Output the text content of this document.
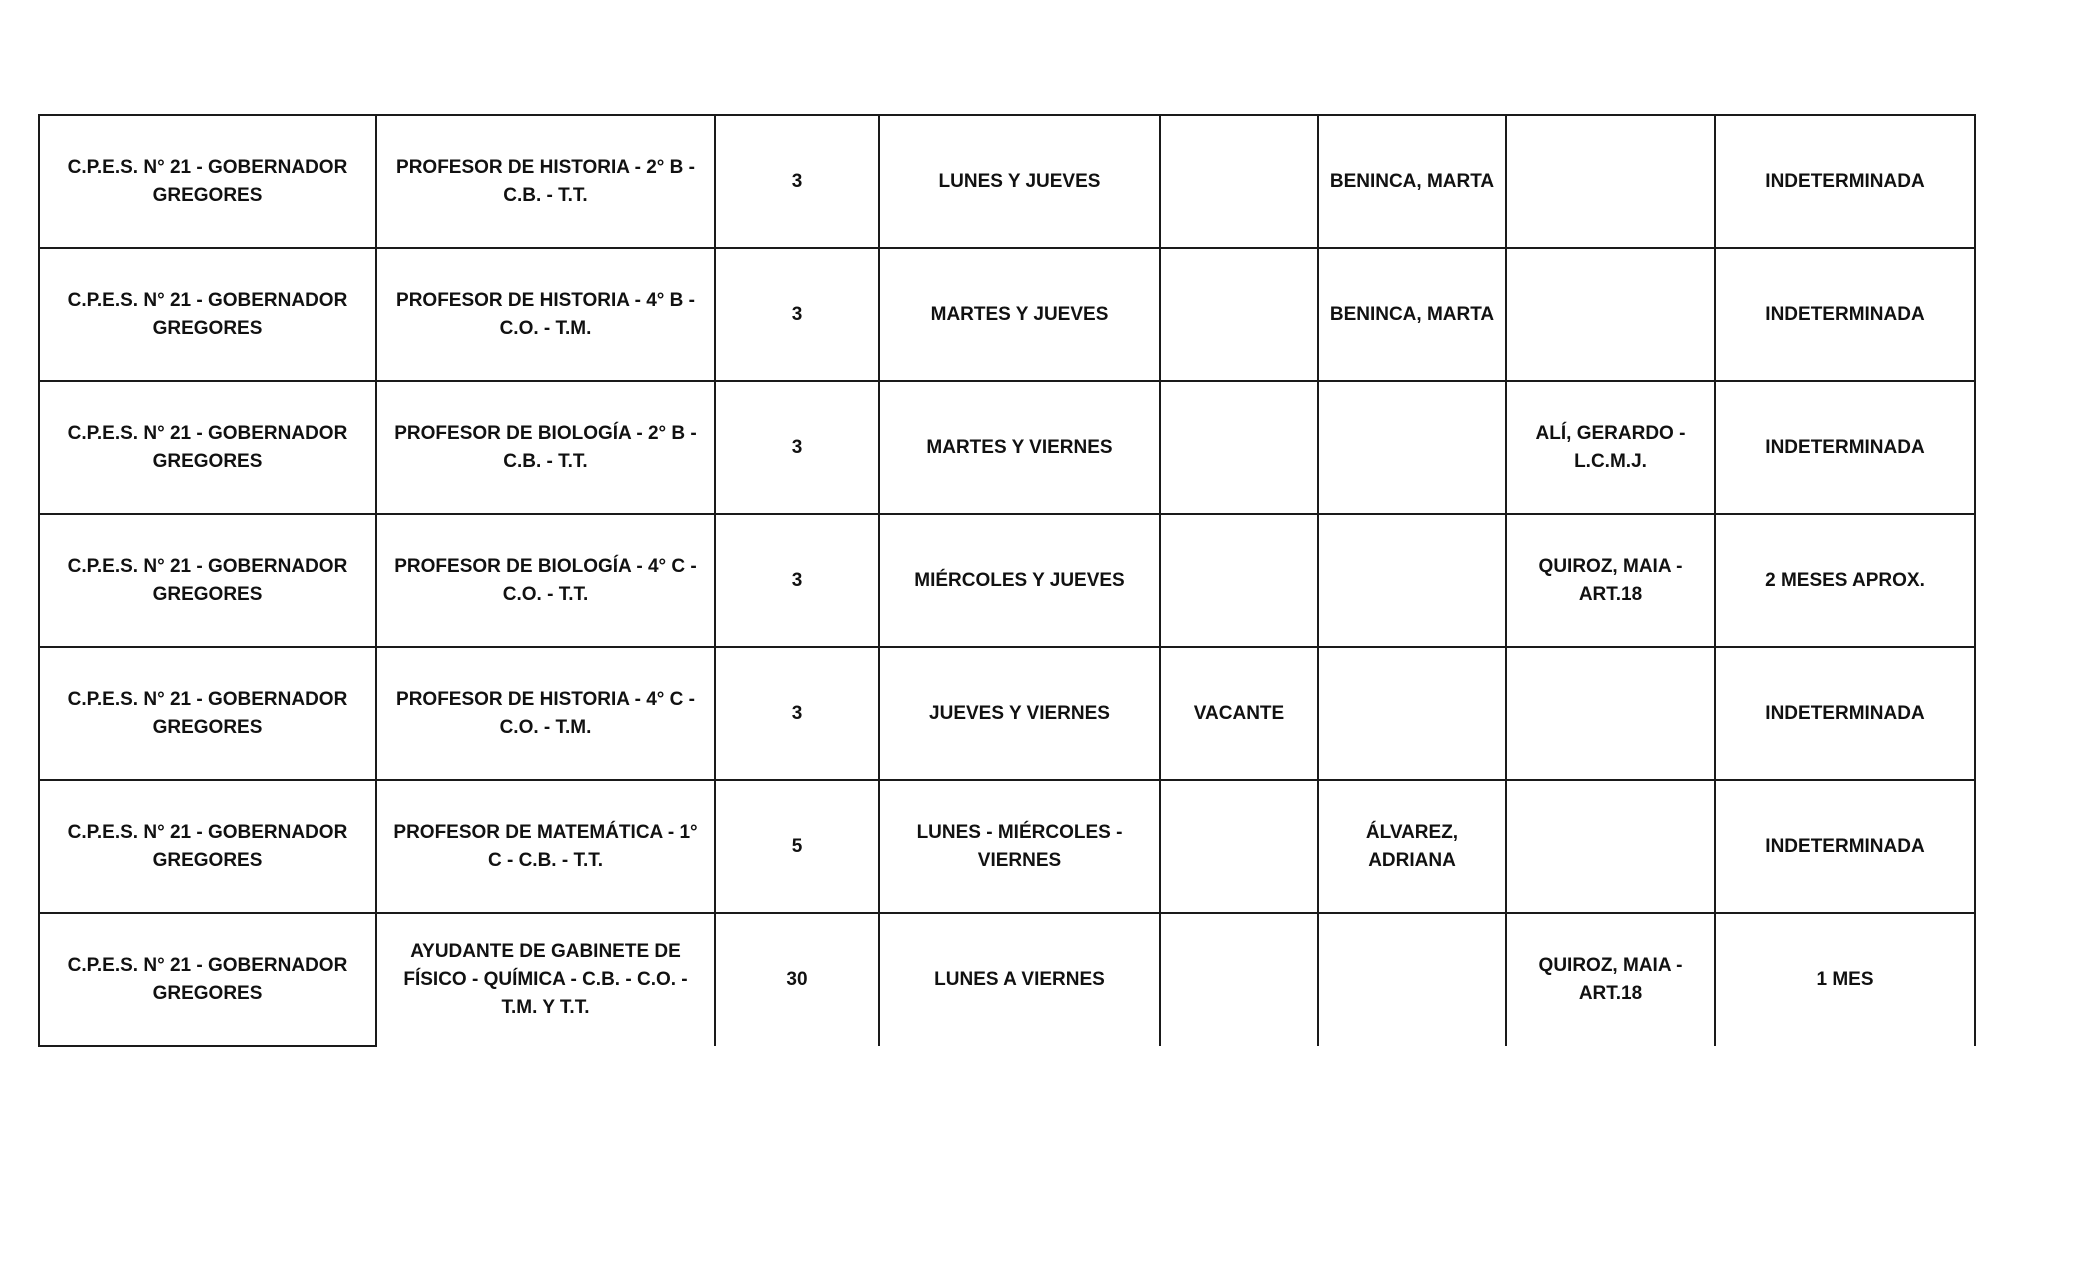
C.P.E.S. N° 21 - GOBERNADOR GREGORES	PROFESOR DE HISTORIA - 2° B - C.B. - T.T.	3	LUNES Y JUEVES		BENINCA, MARTA		INDETERMINADA
C.P.E.S. N° 21 - GOBERNADOR GREGORES	PROFESOR DE HISTORIA - 4° B - C.O. - T.M.	3	MARTES Y JUEVES		BENINCA, MARTA		INDETERMINADA
C.P.E.S. N° 21 - GOBERNADOR GREGORES	PROFESOR DE BIOLOGÍA - 2° B - C.B. - T.T.	3	MARTES Y VIERNES			ALÍ, GERARDO - L.C.M.J.	INDETERMINADA
C.P.E.S. N° 21 - GOBERNADOR GREGORES	PROFESOR DE BIOLOGÍA - 4° C - C.O. - T.T.	3	MIÉRCOLES Y JUEVES			QUIROZ, MAIA - ART.18	2 MESES APROX.
C.P.E.S. N° 21 - GOBERNADOR GREGORES	PROFESOR DE HISTORIA - 4° C - C.O. - T.M.	3	JUEVES Y VIERNES	VACANTE			INDETERMINADA
C.P.E.S. N° 21 - GOBERNADOR GREGORES	PROFESOR DE MATEMÁTICA - 1° C - C.B. - T.T.	5	LUNES - MIÉRCOLES - VIERNES		ÁLVAREZ, ADRIANA		INDETERMINADA
C.P.E.S. N° 21 - GOBERNADOR GREGORES	AYUDANTE DE GABINETE DE FÍSICO - QUÍMICA - C.B. - C.O. - T.M. Y T.T.	30	LUNES A VIERNES			QUIROZ, MAIA - ART.18	1 MES
